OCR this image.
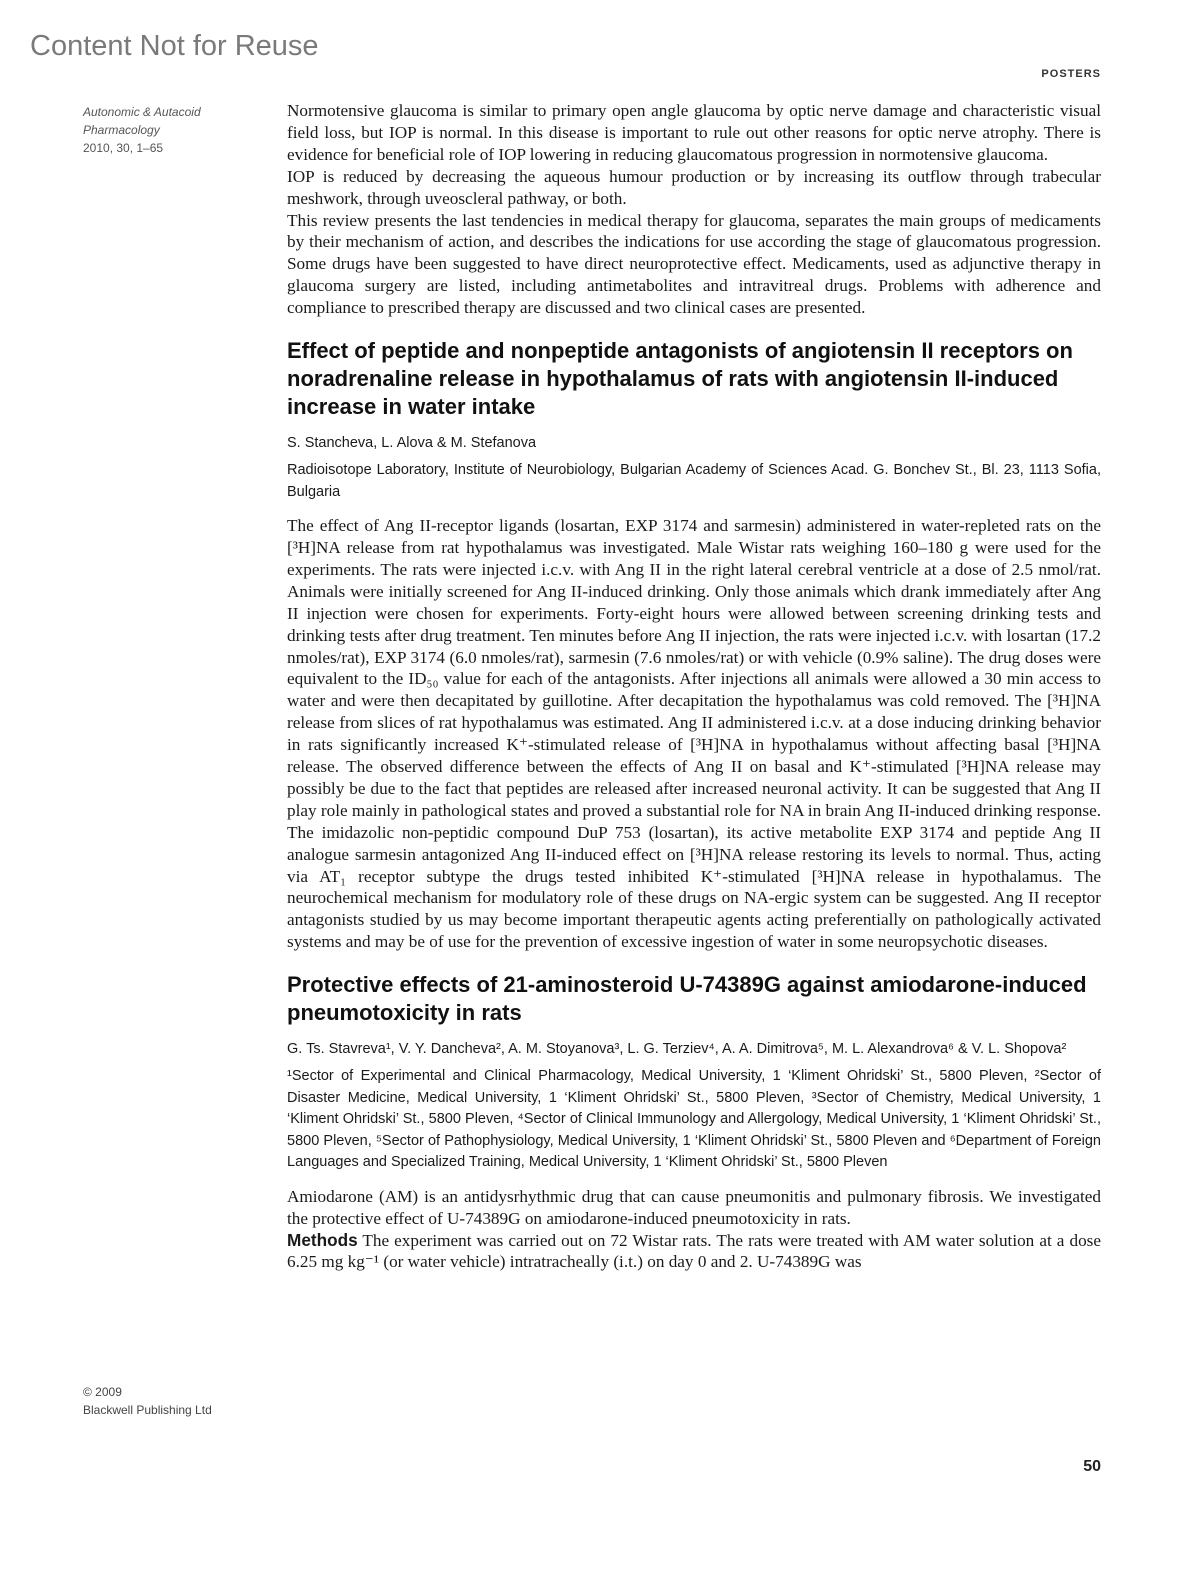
Content Not for Reuse
POSTERS
Autonomic & Autacoid
Pharmacology
2010, 30, 1–65
© 2009
Blackwell Publishing Ltd

Normotensive glaucoma is similar to primary open angle glaucoma by optic nerve damage and characteristic visual field loss, but IOP is normal. In this disease is important to rule out other reasons for optic nerve atrophy. There is evidence for beneficial role of IOP lowering in reducing glaucomatous progression in normotensive glaucoma.

IOP is reduced by decreasing the aqueous humour production or by increasing its outflow through trabecular meshwork, through uveoscleral pathway, or both.

This review presents the last tendencies in medical therapy for glaucoma, separates the main groups of medicaments by their mechanism of action, and describes the indications for use according the stage of glaucomatous progression. Some drugs have been suggested to have direct neuroprotective effect. Medicaments, used as adjunctive therapy in glaucoma surgery are listed, including antimetabolites and intravitreal drugs. Problems with adherence and compliance to prescribed therapy are discussed and two clinical cases are presented.

Effect of peptide and nonpeptide antagonists of angiotensin II receptors on noradrenaline release in hypothalamus of rats with angiotensin II-induced increase in water intake

S. Stancheva, L. Alova & M. Stefanova

Radioisotope Laboratory, Institute of Neurobiology, Bulgarian Academy of Sciences Acad. G. Bonchev St., Bl. 23, 1113 Sofia, Bulgaria

The effect of Ang II-receptor ligands (losartan, EXP 3174 and sarmesin) administered in water-repleted rats on the [³H]NA release from rat hypothalamus was investigated. Male Wistar rats weighing 160–180 g were used for the experiments. The rats were injected i.c.v. with Ang II in the right lateral cerebral ventricle at a dose of 2.5 nmol/rat. Animals were initially screened for Ang II-induced drinking. Only those animals which drank immediately after Ang II injection were chosen for experiments. Forty-eight hours were allowed between screening drinking tests and drinking tests after drug treatment. Ten minutes before Ang II injection, the rats were injected i.c.v. with losartan (17.2 nmoles/rat), EXP 3174 (6.0 nmoles/rat), sarmesin (7.6 nmoles/rat) or with vehicle (0.9% saline). The drug doses were equivalent to the ID₅₀ value for each of the antagonists. After injections all animals were allowed a 30 min access to water and were then decapitated by guillotine. After decapitation the hypothalamus was cold removed. The [³H]NA release from slices of rat hypothalamus was estimated. Ang II administered i.c.v. at a dose inducing drinking behavior in rats significantly increased K⁺-stimulated release of [³H]NA in hypothalamus without affecting basal [³H]NA release. The observed difference between the effects of Ang II on basal and K⁺-stimulated [³H]NA release may possibly be due to the fact that peptides are released after increased neuronal activity. It can be suggested that Ang II play role mainly in pathological states and proved a substantial role for NA in brain Ang II-induced drinking response. The imidazolic non-peptidic compound DuP 753 (losartan), its active metabolite EXP 3174 and peptide Ang II analogue sarmesin antagonized Ang II-induced effect on [³H]NA release restoring its levels to normal. Thus, acting via AT₁ receptor subtype the drugs tested inhibited K⁺-stimulated [³H]NA release in hypothalamus. The neurochemical mechanism for modulatory role of these drugs on NA-ergic system can be suggested. Ang II receptor antagonists studied by us may become important therapeutic agents acting preferentially on pathologically activated systems and may be of use for the prevention of excessive ingestion of water in some neuropsychotic diseases.

Protective effects of 21-aminosteroid U-74389G against amiodarone-induced pneumotoxicity in rats

G. Ts. Stavreva¹, V. Y. Dancheva², A. M. Stoyanova³, L. G. Terziev⁴, A. A. Dimitrova⁵, M. L. Alexandrova⁶ & V. L. Shopova²

¹Sector of Experimental and Clinical Pharmacology, Medical University, 1 ‘Kliment Ohridski’ St., 5800 Pleven, ²Sector of Disaster Medicine, Medical University, 1 ‘Kliment Ohridski’ St., 5800 Pleven, ³Sector of Chemistry, Medical University, 1 ‘Kliment Ohridski’ St., 5800 Pleven, ⁴Sector of Clinical Immunology and Allergology, Medical University, 1 ‘Kliment Ohridski’ St., 5800 Pleven, ⁵Sector of Pathophysiology, Medical University, 1 ‘Kliment Ohridski’ St., 5800 Pleven and ⁶Department of Foreign Languages and Specialized Training, Medical University, 1 ‘Kliment Ohridski’ St., 5800 Pleven

Amiodarone (AM) is an antidysrhythmic drug that can cause pneumonitis and pulmonary fibrosis. We investigated the protective effect of U-74389G on amiodarone-induced pneumotoxicity in rats.

Methods The experiment was carried out on 72 Wistar rats. The rats were treated with AM water solution at a dose 6.25 mg kg⁻¹ (or water vehicle) intratracheally (i.t.) on day 0 and 2. U-74389G was

50
